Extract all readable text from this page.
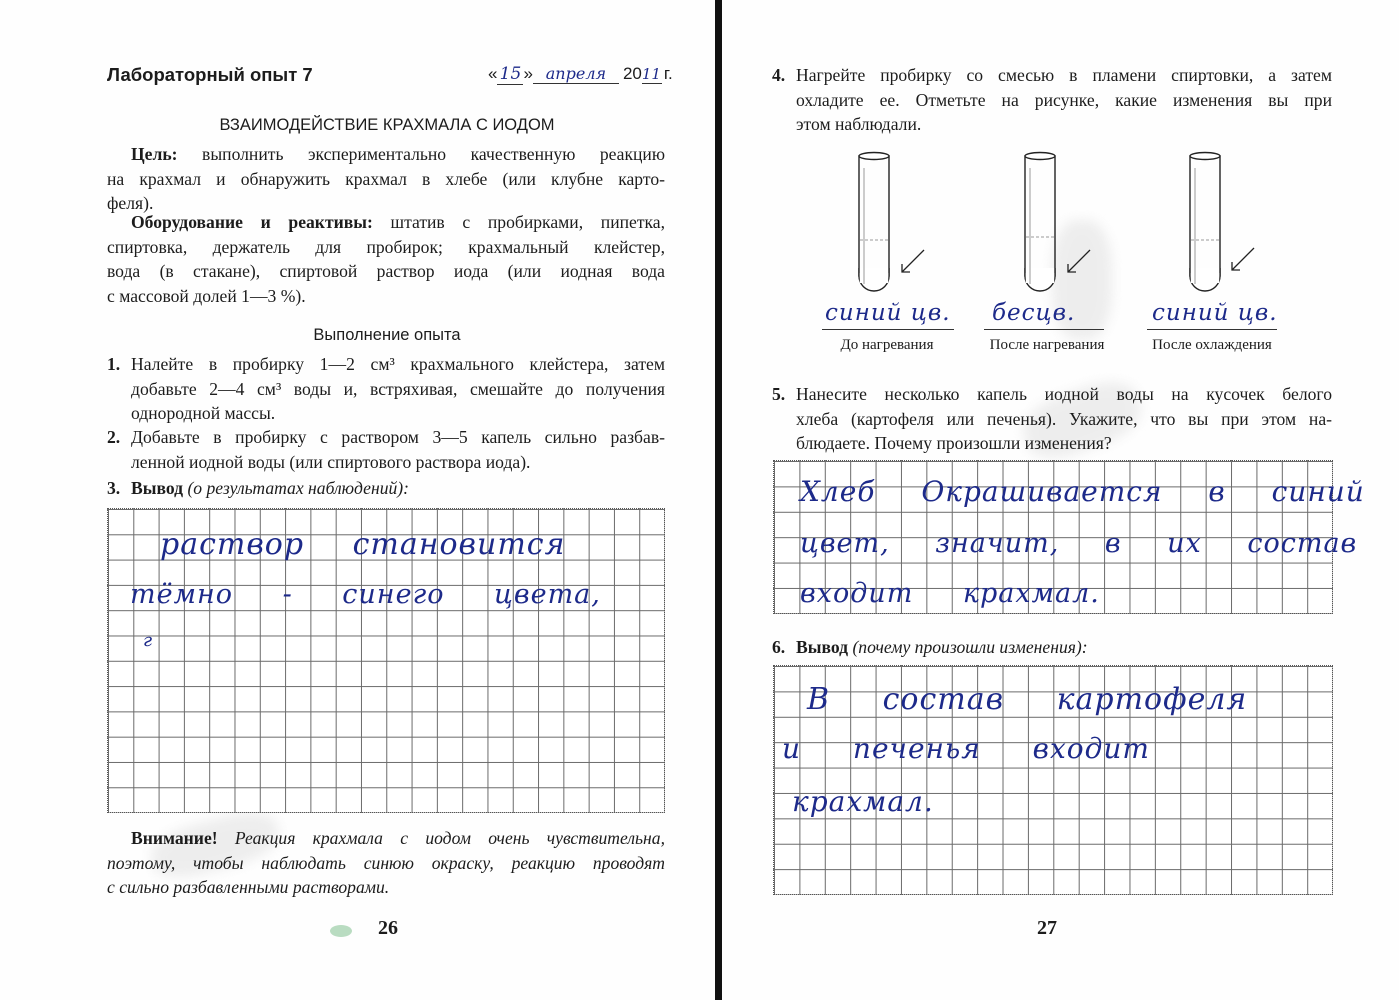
Лабораторный опыт 7	« 15 » апреля 2011 г.
ВЗАИМОДЕЙСТВИЕ КРАХМАЛА С ИОДОМ
Цель: выполнить экспериментально качественную реакцию
на крахмал и обнаружить крахмал в хлебе (или клубне карто-
феля).
Оборудование и реактивы: штатив с пробирками, пипетка,
спиртовка, держатель для пробирок; крахмальный клейстер,
вода (в стакане), спиртовой раствор иода (или иодная вода
с массовой долей 1—3 %).
Выполнение опыта
1. Налейте в пробирку 1—2 см³ крахмального клейстера, затем
добавьте 2—4 см³ воды и, встряхивая, смешайте до получения
однородной массы.
2. Добавьте в пробирку с раствором 3—5 капель сильно разбав-
ленной иодной воды (или спиртового раствора иода).
3. Вывод (о результатах наблюдений):
раствор становится
тёмно - синего цвета,
г
Внимание! Реакция крахмала с иодом очень чувствительна,
поэтому, чтобы наблюдать синюю окраску, реакцию проводят
с сильно разбавленными растворами.
26
4. Нагрейте пробирку со смесью в пламени спиртовки, а затем
охладите ее. Отметьте на рисунке, какие изменения вы при
этом наблюдали.
синий цв.
До нагревания
бесцв.
После нагревания
синий цв.
После охлаждения
5. Нанесите несколько капель иодной воды на кусочек белого
хлеба (картофеля или печенья). Укажите, что вы при этом на-
блюдаете. Почему произошли изменения?
Хлеб Окрашивается в синий
цвет, значит, в их состав
входит крахмал.
6. Вывод (почему произошли изменения):
В состав картофеля
и печенья входит
крахмал.
27
